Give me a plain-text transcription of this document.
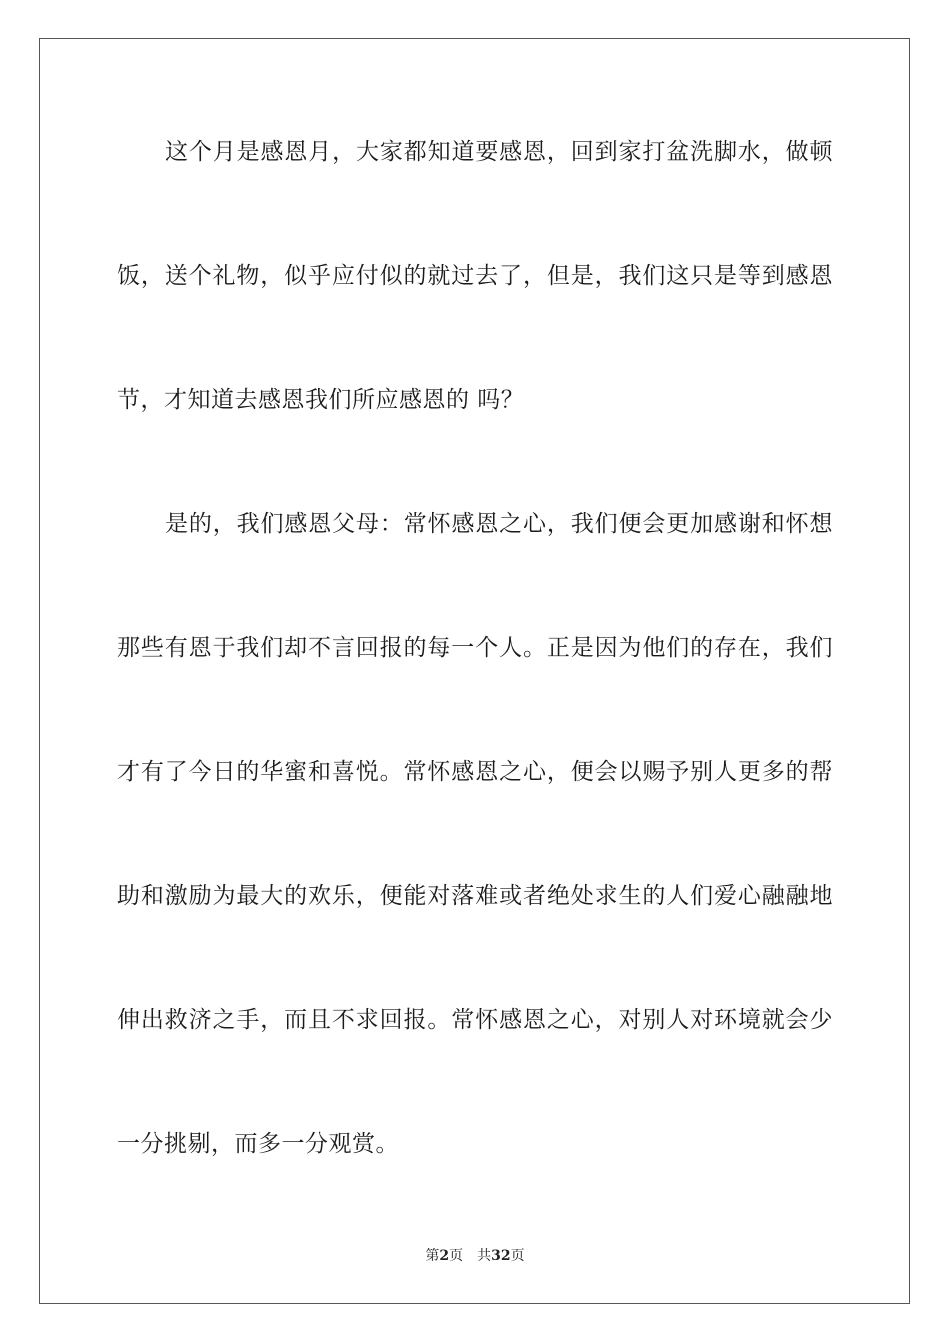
这个月是感恩月，大家都知道要感恩，回到家打盆洗脚水，做顿
饭，送个礼物，似乎应付似的就过去了，但是，我们这只是等到感恩
节，才知道去感恩我们所应感恩的 吗？
是的，我们感恩父母：常怀感恩之心，我们便会更加感谢和怀想
那些有恩于我们却不言回报的每一个人。正是因为他们的存在，我们
才有了今日的华蜜和喜悦。常怀感恩之心，便会以赐予别人更多的帮
助和激励为最大的欢乐，便能对落难或者绝处求生的人们爱心融融地
伸出救济之手，而且不求回报。常怀感恩之心，对别人对环境就会少
一分挑剔，而多一分观赏。
第2页 共32页
